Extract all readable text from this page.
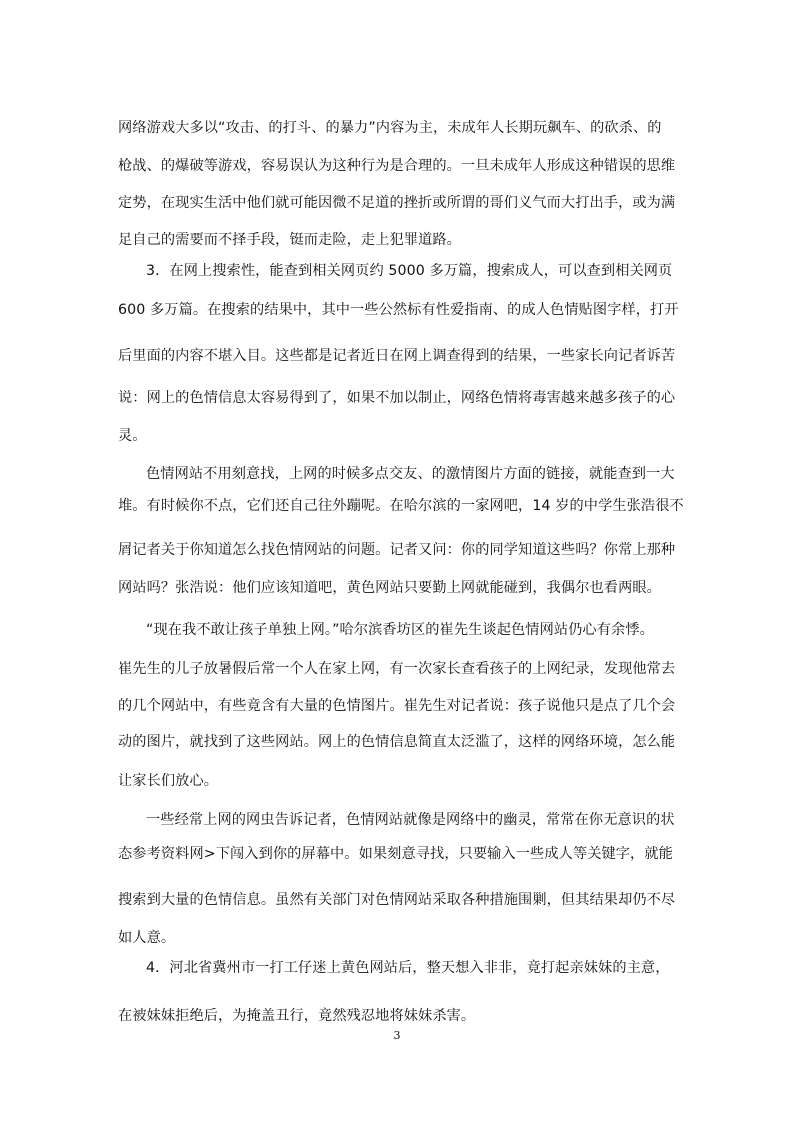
网络游戏大多以“攻击、的打斗、的暴力”内容为主，未成年人长期玩飙车、的砍杀、的
枪战、的爆破等游戏，容易误认为这种行为是合理的。一旦未成年人形成这种错误的思维
定势，在现实生活中他们就可能因微不足道的挫折或所谓的哥们义气而大打出手，或为满
足自己的需要而不择手段，铤而走险，走上犯罪道路。
3．在网上搜索性，能查到相关网页约 5000 多万篇，搜索成人，可以查到相关网页
600 多万篇。在搜索的结果中，其中一些公然标有性爱指南、的成人色情贴图字样，打开
后里面的内容不堪入目。这些都是记者近日在网上调查得到的结果，一些家长向记者诉苦
说：网上的色情信息太容易得到了，如果不加以制止，网络色情将毒害越来越多孩子的心
灵。
色情网站不用刻意找，上网的时候多点交友、的激情图片方面的链接，就能查到一大
堆。有时候你不点，它们还自己往外蹦呢。在哈尔滨的一家网吧，14 岁的中学生张浩很不
屑记者关于你知道怎么找色情网站的问题。记者又问：你的同学知道这些吗？你常上那种
网站吗？张浩说：他们应该知道吧，黄色网站只要勤上网就能碰到，我偶尔也看两眼。
“现在我不敢让孩子单独上网。”哈尔滨香坊区的崔先生谈起色情网站仍心有余悸。
崔先生的儿子放暑假后常一个人在家上网，有一次家长查看孩子的上网纪录，发现他常去
的几个网站中，有些竟含有大量的色情图片。崔先生对记者说：孩子说他只是点了几个会
动的图片，就找到了这些网站。网上的色情信息简直太泛滥了，这样的网络环境，怎么能
让家长们放心。
一些经常上网的网虫告诉记者，色情网站就像是网络中的幽灵，常常在你无意识的状
态参考资料网>下闯入到你的屏幕中。如果刻意寻找，只要输入一些成人等关键字，就能
搜索到大量的色情信息。虽然有关部门对色情网站采取各种措施围剿，但其结果却仍不尽
如人意。
4．河北省冀州市一打工仔迷上黄色网站后，整天想入非非，竟打起亲妹妹的主意，
在被妹妹拒绝后，为掩盖丑行，竟然残忍地将妹妹杀害。
3
